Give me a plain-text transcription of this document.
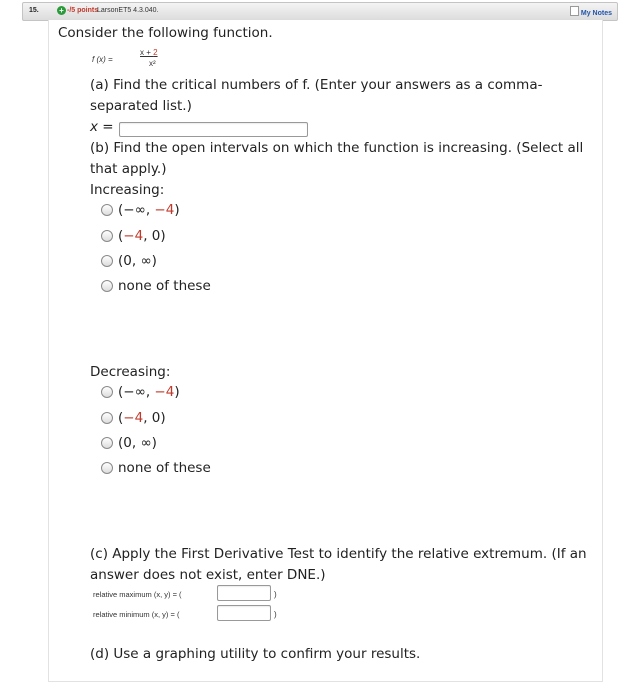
15.	+ -/5 points
LarsonET5 4.3.040.	My Notes
Consider the following function.
f (x) =
x + 2
x²
(a) Find the critical numbers of f. (Enter your answers as a comma-
separated list.)
x =
(b) Find the open intervals on which the function is increasing. (Select all
that apply.)
Increasing:
(−∞, −4)
(−4, 0)
(0, ∞)
none of these
Decreasing:
(−∞, −4)
(−4, 0)
(0, ∞)
none of these
(c) Apply the First Derivative Test to identify the relative extremum. (If an
answer does not exist, enter DNE.)
relative maximum (x, y) = (	)
relative minimum (x, y) = (	)
(d) Use a graphing utility to confirm your results.
